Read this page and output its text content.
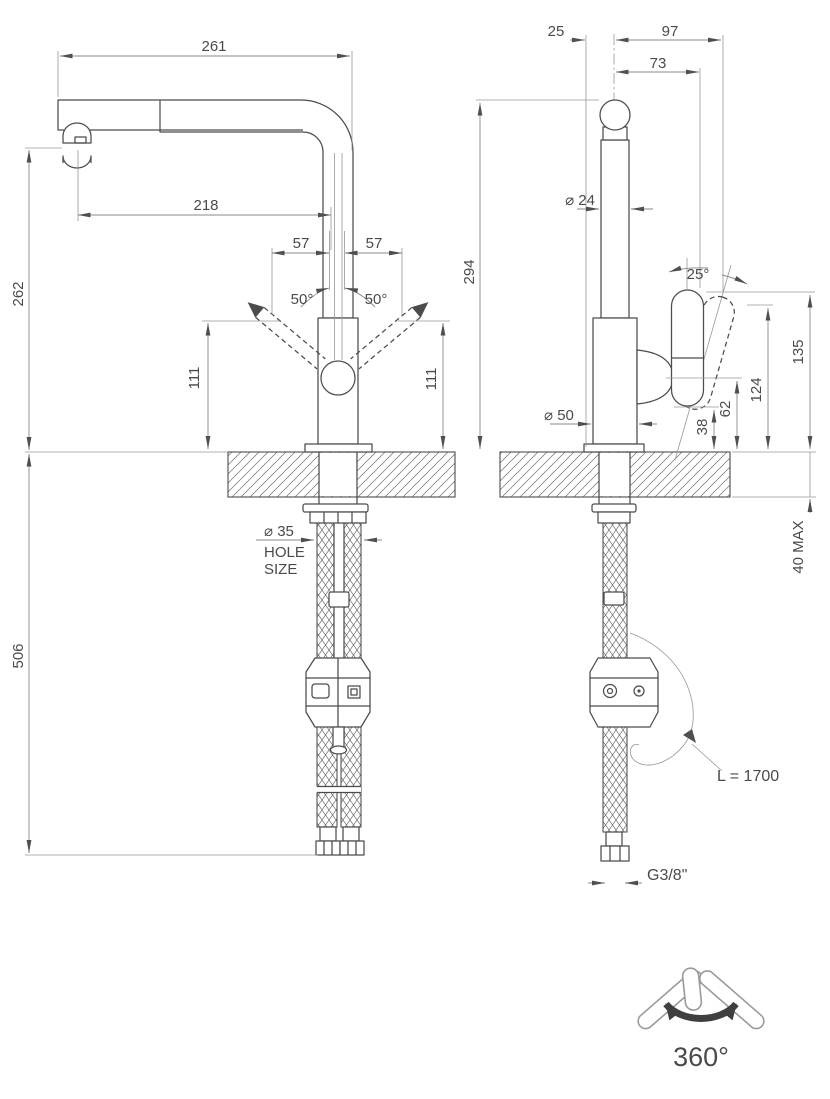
261
218
57	57
50°	50°
262
111	111
506
⌀ 35
HOLE
SIZE
25	97
73
294
⌀ 24
25°
135
124
62
38
⌀ 50
40 MAX
L = 1700
G3/8"
360°
